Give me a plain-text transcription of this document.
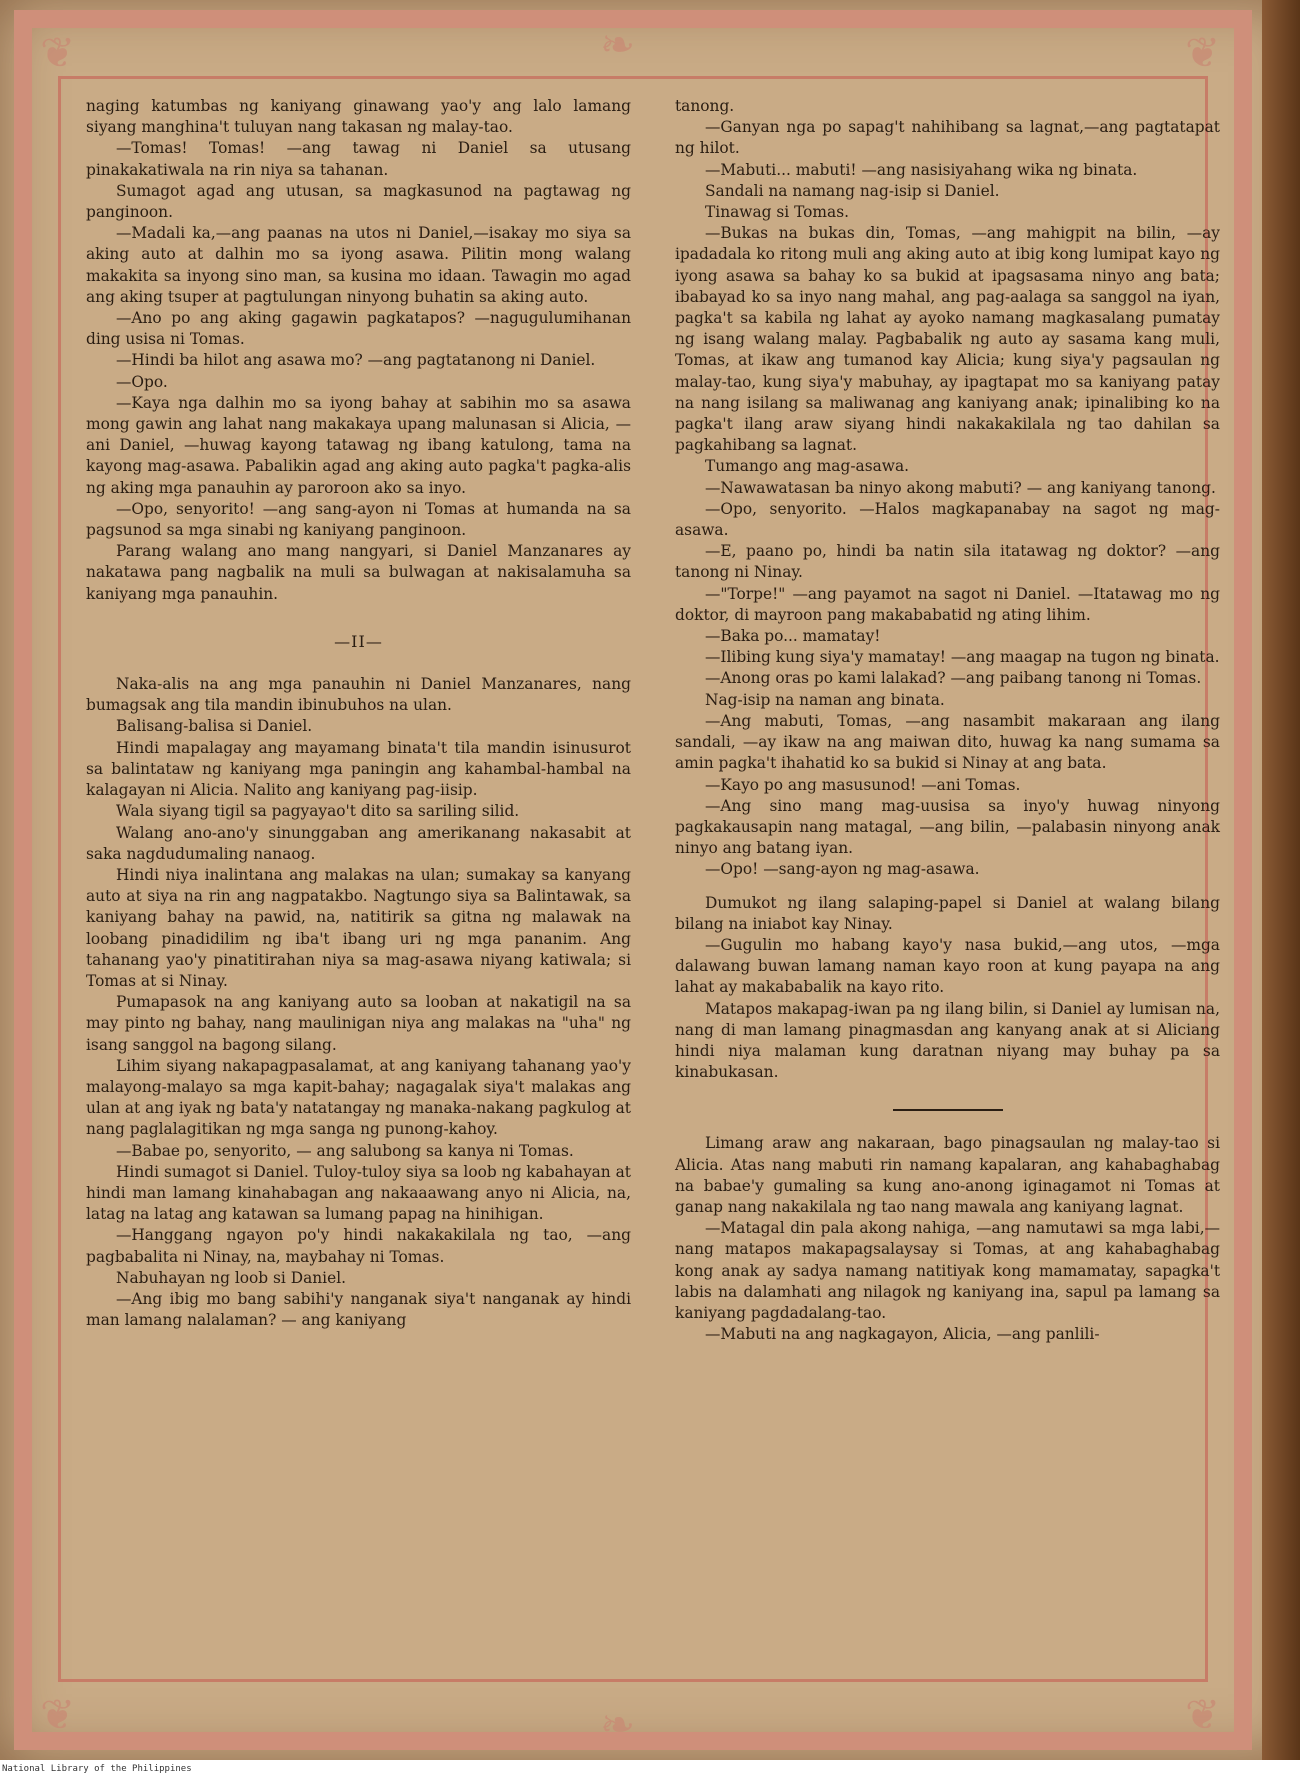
❦	❦
❦	❦
❧
❧

naging katumbas ng kaniyang ginawang yao'y ang lalo lamang siyang manghina't tuluyan nang takasan ng malay-tao.

—Tomas! Tomas! —ang tawag ni Daniel sa utusang pinakakatiwala na rin niya sa tahanan.

Sumagot agad ang utusan, sa magkasunod na pagtawag ng panginoon.

—Madali ka,—ang paanas na utos ni Daniel,—isakay mo siya sa aking auto at dalhin mo sa iyong asawa. Pilitin mong walang makakita sa inyong sino man, sa kusina mo idaan. Tawagin mo agad ang aking tsuper at pagtulungan ninyong buhatin sa aking auto.

—Ano po ang aking gagawin pagkatapos? —nagugulumihanan ding usisa ni Tomas.

—Hindi ba hilot ang asawa mo? —ang pagtatanong ni Daniel.

—Opo.

—Kaya nga dalhin mo sa iyong bahay at sabihin mo sa asawa mong gawin ang lahat nang makakaya upang malunasan si Alicia, —ani Daniel, —huwag kayong tatawag ng ibang katulong, tama na kayong mag-asawa. Pabalikin agad ang aking auto pagka't pagka-alis ng aking mga panauhin ay paroroon ako sa inyo.

—Opo, senyorito! —ang sang-ayon ni Tomas at humanda na sa pagsunod sa mga sinabi ng kaniyang panginoon.

Parang walang ano mang nangyari, si Daniel Manzanares ay nakatawa pang nagbalik na muli sa bulwagan at nakisalamuha sa kaniyang mga panauhin.

—II—

Naka-alis na ang mga panauhin ni Daniel Manzanares, nang bumagsak ang tila mandin ibinubuhos na ulan.

Balisang-balisa si Daniel.

Hindi mapalagay ang mayamang binata't tila mandin isinusurot sa balintataw ng kaniyang mga paningin ang kahambal-hambal na kalagayan ni Alicia. Nalito ang kaniyang pag-iisip.

Wala siyang tigil sa pagyayao't dito sa sariling silid.

Walang ano-ano'y sinunggaban ang amerikanang nakasabit at saka nagdudumaling nanaog.

Hindi niya inalintana ang malakas na ulan; sumakay sa kanyang auto at siya na rin ang nagpatakbo. Nagtungo siya sa Balintawak, sa kaniyang bahay na pawid, na, natitirik sa gitna ng malawak na loobang pinadidilim ng iba't ibang uri ng mga pananim. Ang tahanang yao'y pinatitirahan niya sa mag-asawa niyang katiwala; si Tomas at si Ninay.

Pumapasok na ang kaniyang auto sa looban at nakatigil na sa may pinto ng bahay, nang maulinigan niya ang malakas na "uha" ng isang sanggol na bagong silang.

Lihim siyang nakapagpasalamat, at ang kaniyang tahanang yao'y malayong-malayo sa mga kapit-bahay; nagagalak siya't malakas ang ulan at ang iyak ng bata'y natatangay ng manaka-nakang pagkulog at nang paglalagitikan ng mga sanga ng punong-kahoy.

—Babae po, senyorito, — ang salubong sa kanya ni Tomas.

Hindi sumagot si Daniel. Tuloy-tuloy siya sa loob ng kabahayan at hindi man lamang kinahabagan ang nakaaawang anyo ni Alicia, na, latag na latag ang katawan sa lumang papag na hinihigan.

—Hanggang ngayon po'y hindi nakakakilala ng tao, —ang pagbabalita ni Ninay, na, maybahay ni Tomas.

Nabuhayan ng loob si Daniel.

—Ang ibig mo bang sabihi'y nanganak siya't nanganak ay hindi man lamang nalalaman? — ang kaniyang

tanong.

—Ganyan nga po sapag't nahihibang sa lagnat,—ang pagtatapat ng hilot.

—Mabuti... mabuti! —ang nasisiyahang wika ng binata.

Sandali na namang nag-isip si Daniel.

Tinawag si Tomas.

—Bukas na bukas din, Tomas, —ang mahigpit na bilin, —ay ipadadala ko ritong muli ang aking auto at ibig kong lumipat kayo ng iyong asawa sa bahay ko sa bukid at ipagsasama ninyo ang bata; ibabayad ko sa inyo nang mahal, ang pag-aalaga sa sanggol na iyan, pagka't sa kabila ng lahat ay ayoko namang magkasalang pumatay ng isang walang malay. Pagbabalik ng auto ay sasama kang muli, Tomas, at ikaw ang tumanod kay Alicia; kung siya'y pagsaulan ng malay-tao, kung siya'y mabuhay, ay ipagtapat mo sa kaniyang patay na nang isilang sa maliwanag ang kaniyang anak; ipinalibing ko na pagka't ilang araw siyang hindi nakakakilala ng tao dahilan sa pagkahibang sa lagnat.

Tumango ang mag-asawa.

—Nawawatasan ba ninyo akong mabuti? — ang kaniyang tanong.

—Opo, senyorito. —Halos magkapanabay na sagot ng mag-asawa.

—E, paano po, hindi ba natin sila itatawag ng doktor? —ang tanong ni Ninay.

—"Torpe!" —ang payamot na sagot ni Daniel. —Itatawag mo ng doktor, di mayroon pang makababatid ng ating lihim.

—Baka po... mamatay!

—Ilibing kung siya'y mamatay! —ang maagap na tugon ng binata.

—Anong oras po kami lalakad? —ang paibang tanong ni Tomas.

Nag-isip na naman ang binata.

—Ang mabuti, Tomas, —ang nasambit makaraan ang ilang sandali, —ay ikaw na ang maiwan dito, huwag ka nang sumama sa amin pagka't ihahatid ko sa bukid si Ninay at ang bata.

—Kayo po ang masusunod! —ani Tomas.

—Ang sino mang mag-uusisa sa inyo'y huwag ninyong pagkakausapin nang matagal, —ang bilin, —palabasin ninyong anak ninyo ang batang iyan.

—Opo! —sang-ayon ng mag-asawa.

Dumukot ng ilang salaping-papel si Daniel at walang bilang bilang na iniabot kay Ninay.

—Gugulin mo habang kayo'y nasa bukid,—ang utos, —mga dalawang buwan lamang naman kayo roon at kung payapa na ang lahat ay makababalik na kayo rito.

Matapos makapag-iwan pa ng ilang bilin, si Daniel ay lumisan na, nang di man lamang pinagmasdan ang kanyang anak at si Aliciang hindi niya malaman kung daratnan niyang may buhay pa sa kinabukasan.

Limang araw ang nakaraan, bago pinagsaulan ng malay-tao si Alicia. Atas nang mabuti rin namang kapalaran, ang kahabaghabag na babae'y gumaling sa kung ano-anong iginagamot ni Tomas at ganap nang nakakilala ng tao nang mawala ang kaniyang lagnat.

—Matagal din pala akong nahiga, —ang namutawi sa mga labi,—nang matapos makapagsalaysay si Tomas, at ang kahabaghabag kong anak ay sadya namang natitiyak kong mamamatay, sapagka't labis na dalamhati ang nilagok ng kaniyang ina, sapul pa lamang sa kaniyang pagdadalang-tao.

—Mabuti na ang nagkagayon, Alicia, —ang panlili-

National Library of the Philippines
